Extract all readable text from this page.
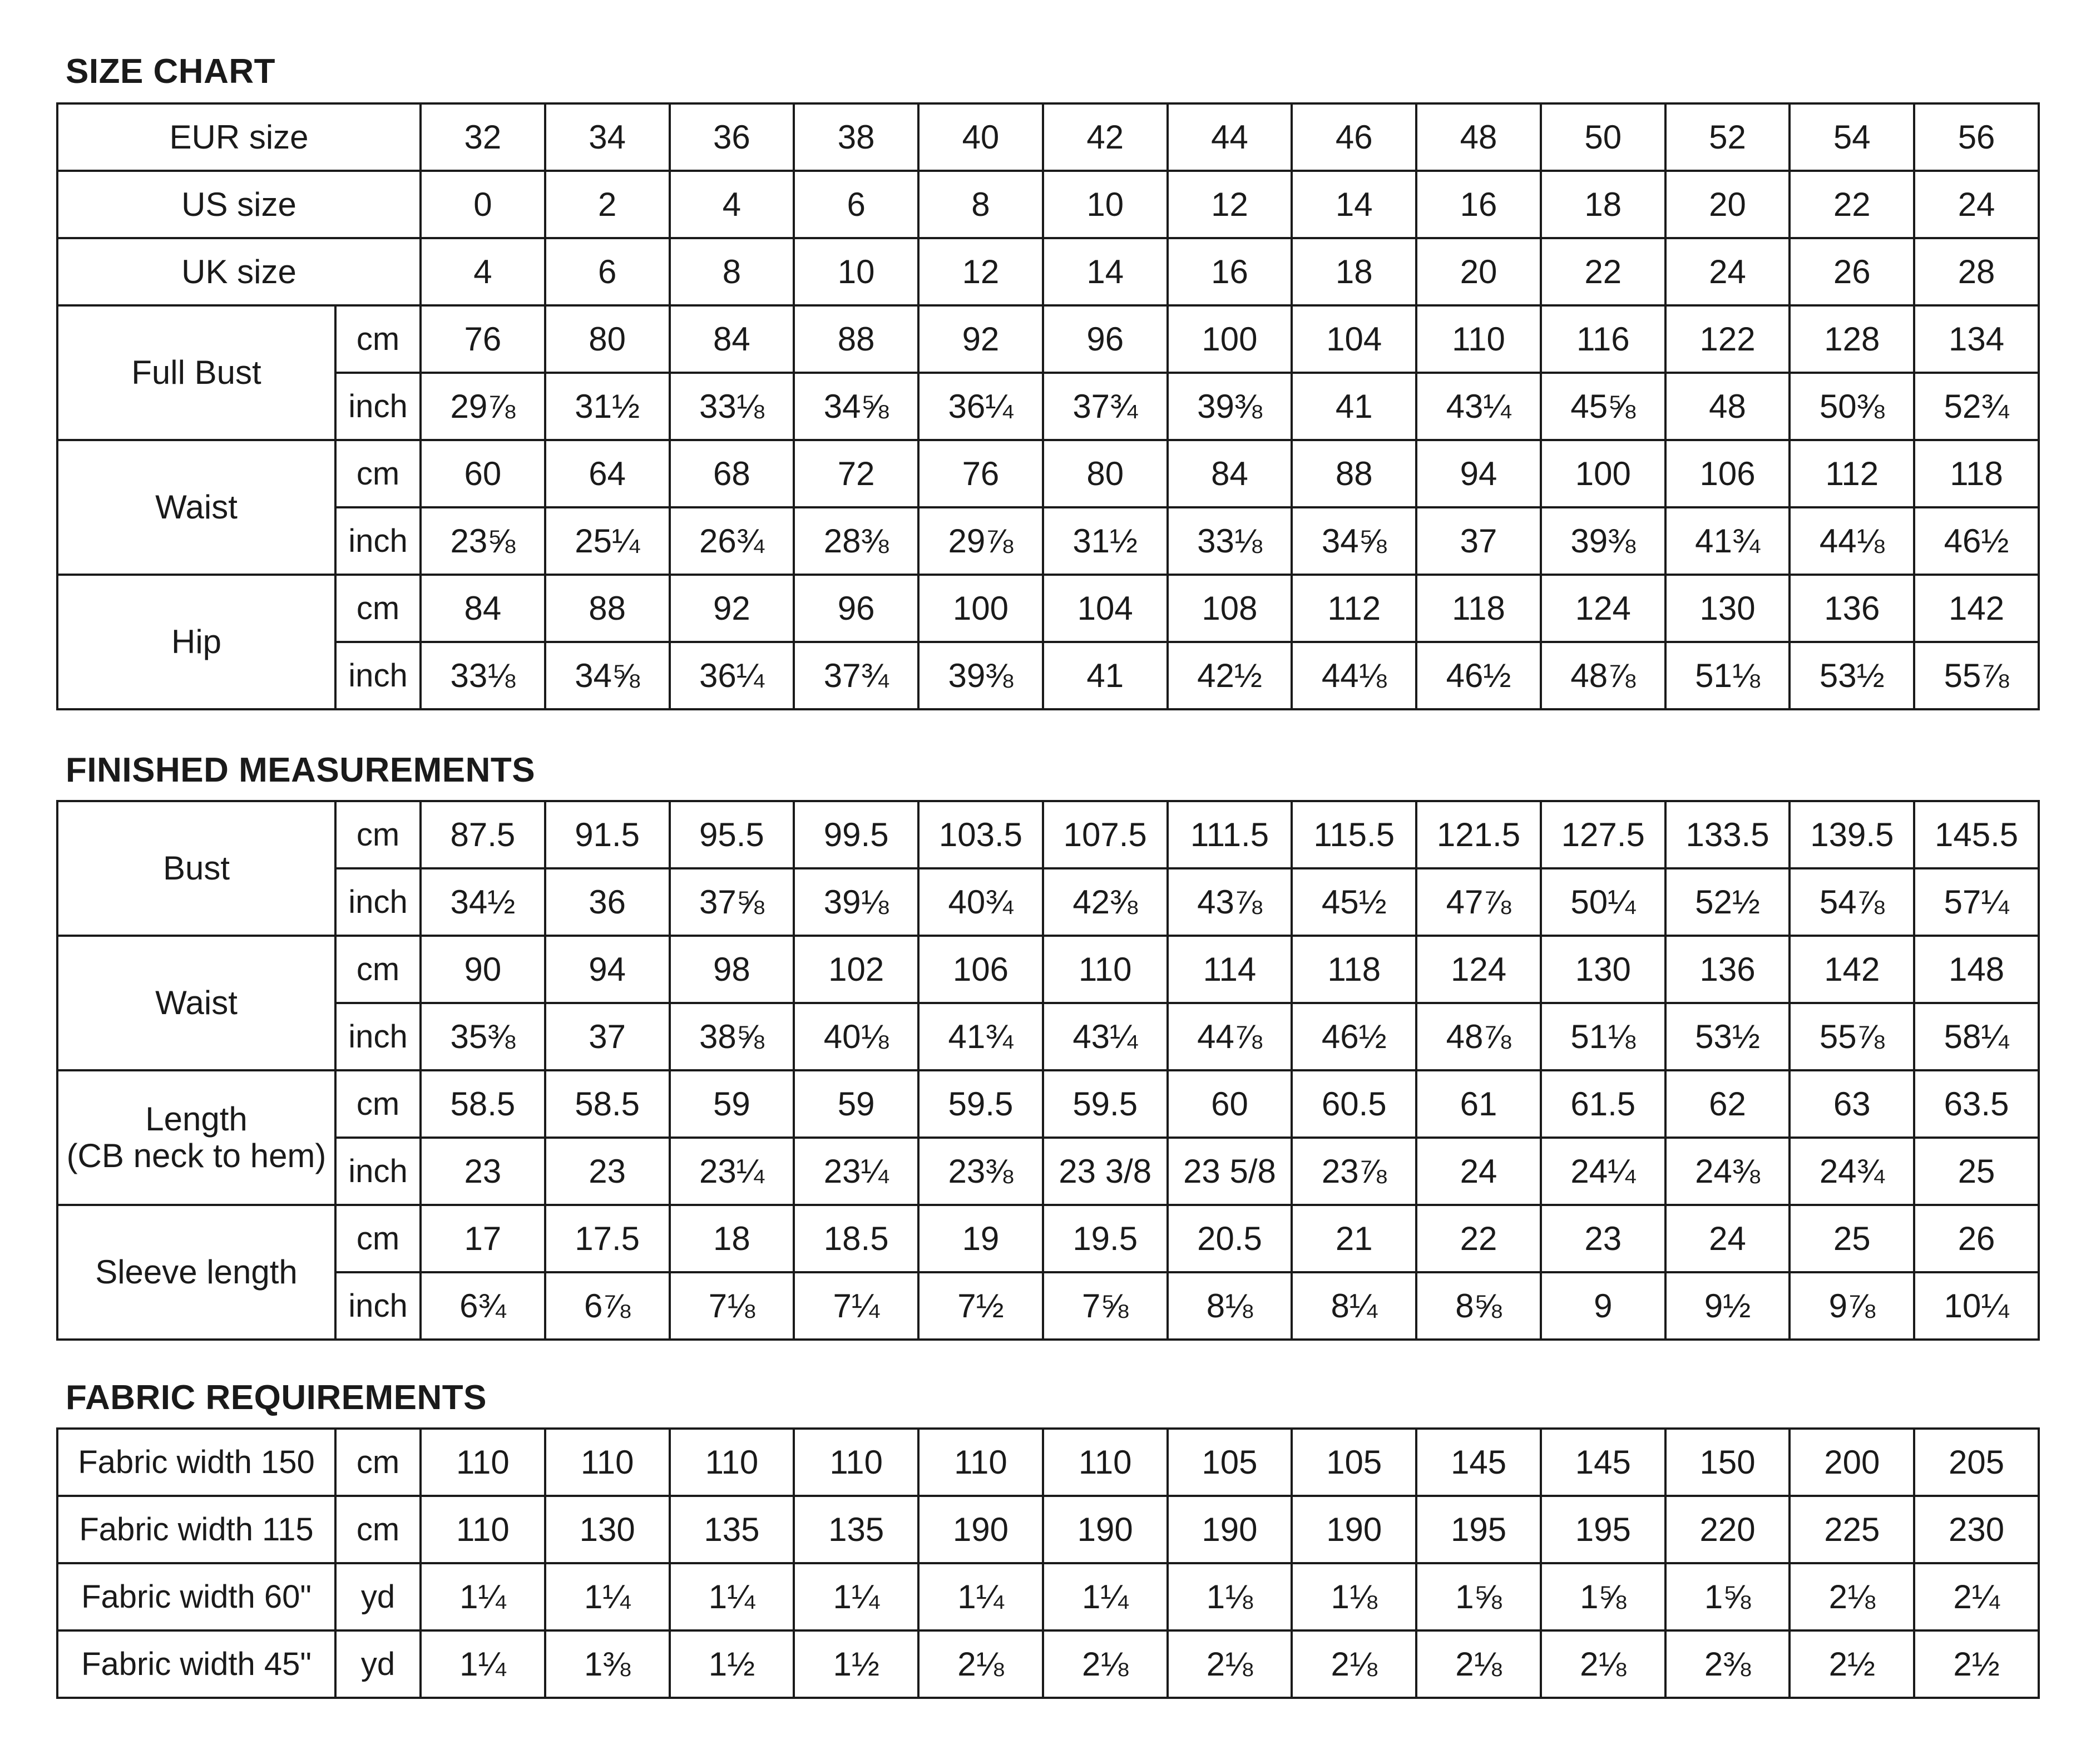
SIZE CHART
EUR size		32	34	36	38	40	42	44	46	48	50	52	54	56
US size		0	2	4	6	8	10	12	14	16	18	20	22	24
UK size		4	6	8	10	12	14	16	18	20	22	24	26	28
Full Bust	cm	76	80	84	88	92	96	100	104	110	116	122	128	134
	inch	29⅞	31½	33⅛	34⅝	36¼	37¾	39⅜	41	43¼	45⅝	48	50⅜	52¾
Waist	cm	60	64	68	72	76	80	84	88	94	100	106	112	118
	inch	23⅝	25¼	26¾	28⅜	29⅞	31½	33⅛	34⅝	37	39⅜	41¾	44⅛	46½
Hip	cm	84	88	92	96	100	104	108	112	118	124	130	136	142
	inch	33⅛	34⅝	36¼	37¾	39⅜	41	42½	44⅛	46½	48⅞	51⅛	53½	55⅞
FINISHED MEASUREMENTS
Bust	cm	87.5	91.5	95.5	99.5	103.5	107.5	111.5	115.5	121.5	127.5	133.5	139.5	145.5
	inch	34½	36	37⅝	39⅛	40¾	42⅜	43⅞	45½	47⅞	50¼	52½	54⅞	57¼

Waist	cm	90	94	98	102	106	110	114	118	124	130	136	142	148
	inch	35⅜	37	38⅝	40⅛	41¾	43¼	44⅞	46½	48⅞	51⅛	53½	55⅞	58¼

Length
(CB neck to hem)	cm	58.5	58.5	59	59	59.5	59.5	60	60.5	61	61.5	62	63	63.5
	inch	23	23	23¼	23¼	23⅜	23 3/8	23 5/8	23⅞	24	24¼	24⅜	24¾	25

Sleeve length	cm	17	17.5	18	18.5	19	19.5	20.5	21	22	23	24	25	26
	inch	6¾	6⅞	7⅛	7¼	7½	7⅝	8⅛	8¼	8⅝	9	9½	9⅞	10¼
FABRIC REQUIREMENTS
Fabric width 150	cm	110	110	110	110	110	110	105	105	145	145	150	200	205
Fabric width 115	cm	110	130	135	135	190	190	190	190	195	195	220	225	230
Fabric width 60"	yd	1¼	1¼	1¼	1¼	1¼	1¼	1⅛	1⅛	1⅝	1⅝	1⅝	2⅛	2¼
Fabric width 45"	yd	1¼	1⅜	1½	1½	2⅛	2⅛	2⅛	2⅛	2⅛	2⅛	2⅜	2½	2½
